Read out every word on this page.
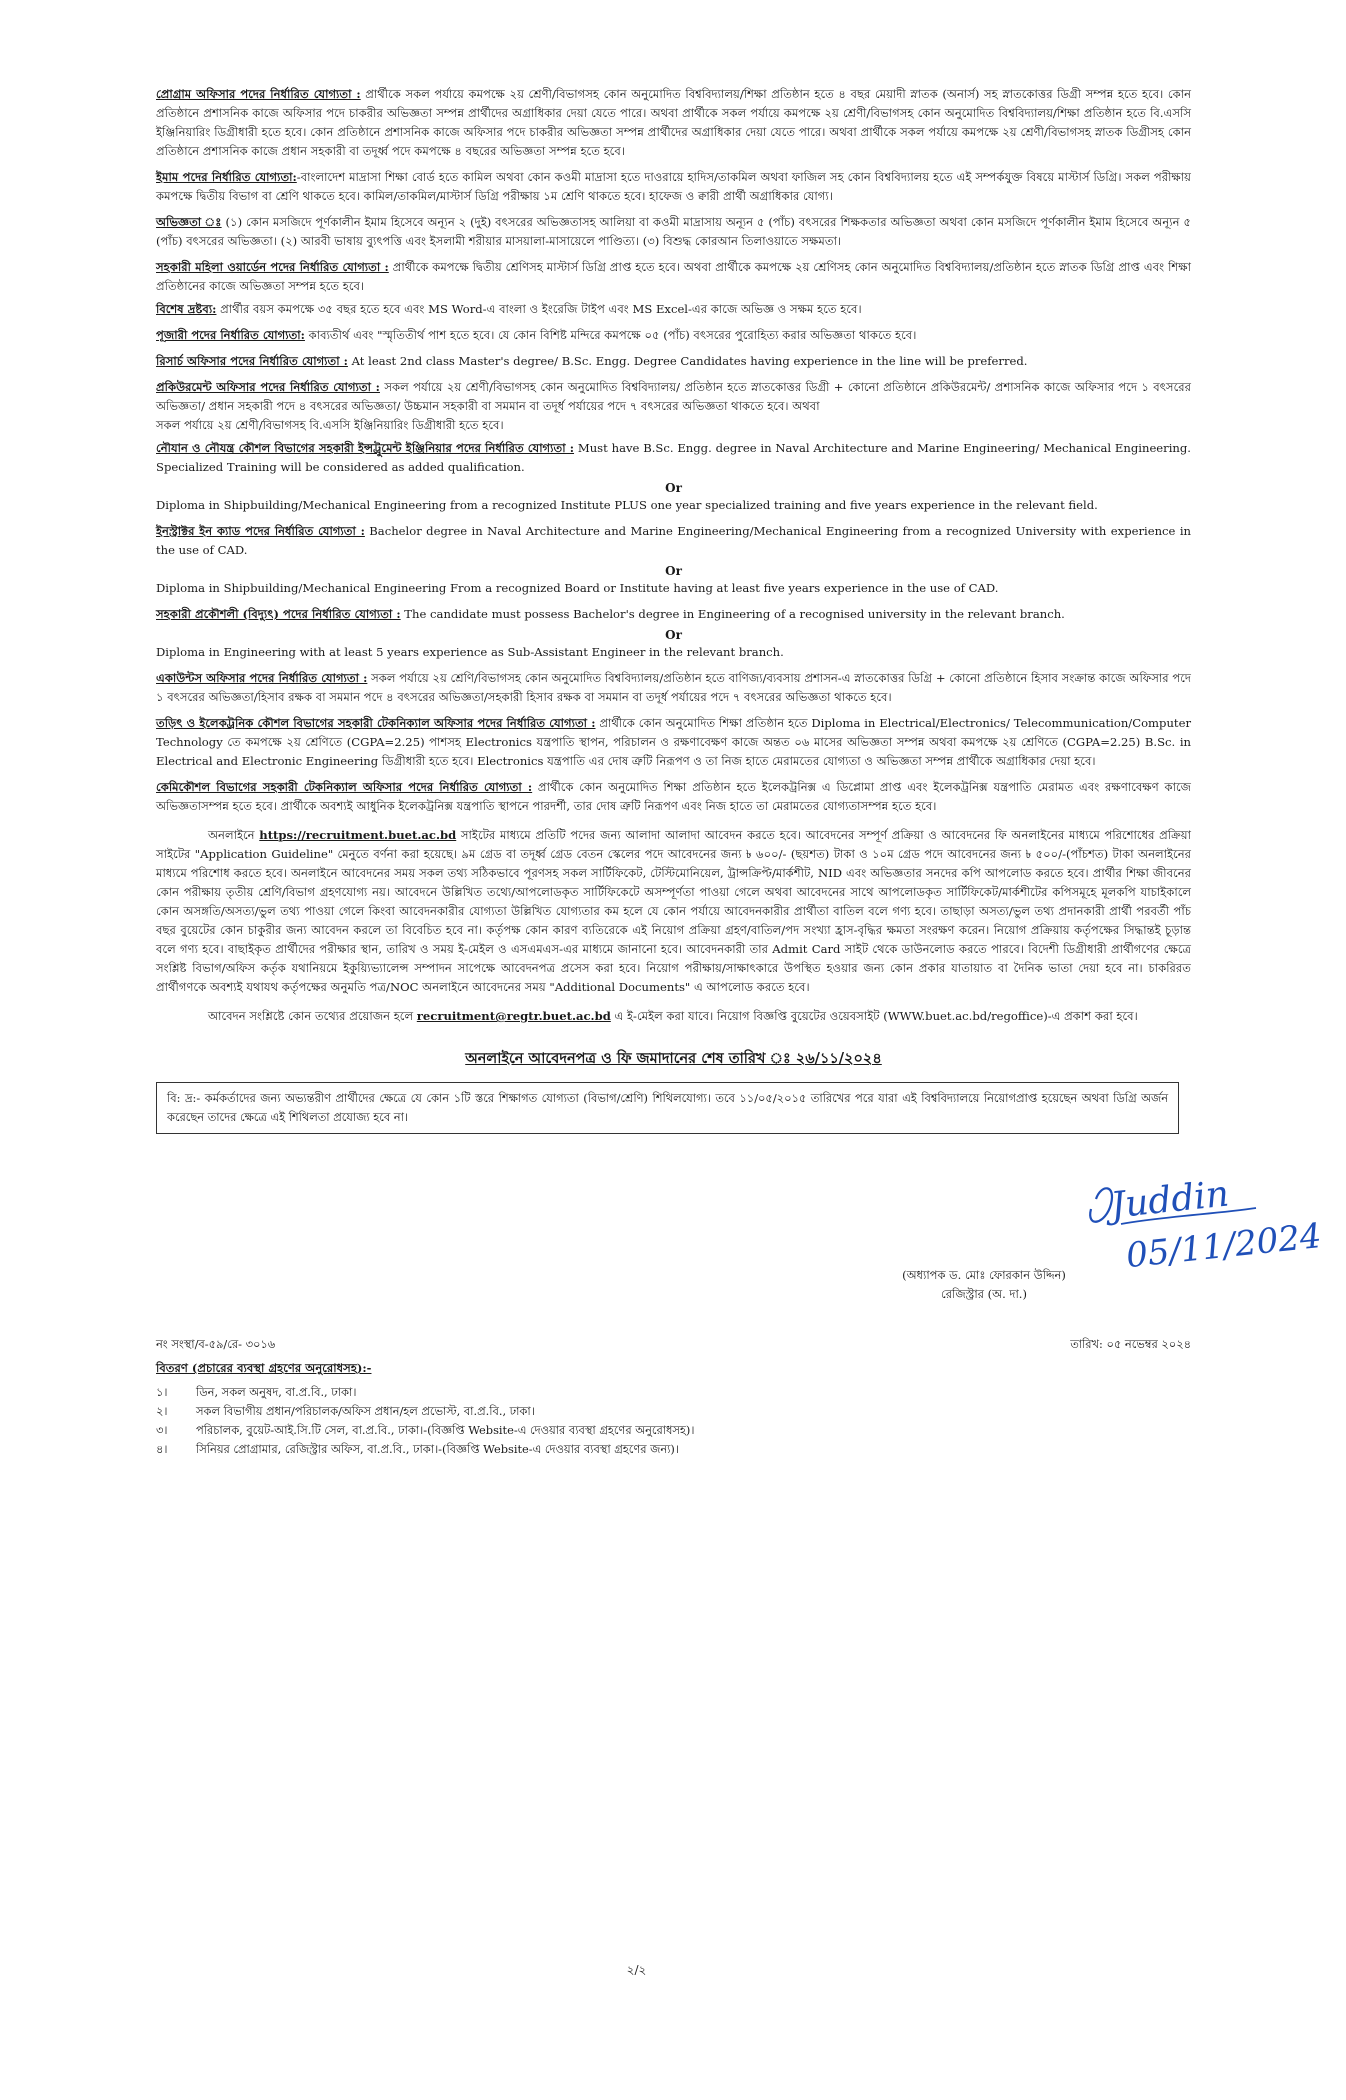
প্রোগ্রাম অফিসার পদের নির্ধারিত যোগ্যতা : প্রার্থীকে সকল পর্যায়ে কমপক্ষে ২য় শ্রেণী/বিভাগসহ কোন অনুমোদিত বিশ্ববিদ্যালয়/শিক্ষা প্রতিষ্ঠান হতে ৪ বছর মেয়াদী স্নাতক (অনার্স) সহ স্নাতকোত্তর ডিগ্রী সম্পন্ন হতে হবে। কোন প্রতিষ্ঠানে প্রশাসনিক কাজে অফিসার পদে চাকরীর অভিজ্ঞতা সম্পন্ন প্রার্থীদের অগ্রাধিকার দেয়া যেতে পারে। অথবা প্রার্থীকে সকল পর্যায়ে কমপক্ষে ২য় শ্রেণী/বিভাগসহ কোন অনুমোদিত বিশ্ববিদ্যালয়/শিক্ষা প্রতিষ্ঠান হতে বি.এসসি ইঞ্জিনিয়ারিং ডিগ্রীধারী হতে হবে। কোন প্রতিষ্ঠানে প্রশাসনিক কাজে অফিসার পদে চাকরীর অভিজ্ঞতা সম্পন্ন প্রার্থীদের অগ্রাধিকার দেয়া যেতে পারে। অথবা প্রার্থীকে সকল পর্যায়ে কমপক্ষে ২য় শ্রেণী/বিভাগসহ স্নাতক ডিগ্রীসহ কোন প্রতিষ্ঠানে প্রশাসনিক কাজে প্রধান সহকারী বা তদূর্ধ্ব পদে কমপক্ষে ৪ বছরের অভিজ্ঞতা সম্পন্ন হতে হবে।

ইমাম পদের নির্ধারিত যোগ্যতা:-বাংলাদেশ মাদ্রাসা শিক্ষা বোর্ড হতে কামিল অথবা কোন কওমী মাদ্রাসা হতে দাওরায়ে হাদিস/তাকমিল অথবা ফাজিল সহ কোন বিশ্ববিদ্যালয় হতে এই সম্পর্কযুক্ত বিষয়ে মাস্টার্স ডিগ্রি। সকল পরীক্ষায় কমপক্ষে দ্বিতীয় বিভাগ বা শ্রেণি থাকতে হবে। কামিল/তাকমিল/মাস্টার্স ডিগ্রি পরীক্ষায় ১ম শ্রেণি থাকতে হবে। হাফেজ ও ক্বারী প্রার্থী অগ্রাধিকার যোগ্য।

অভিজ্ঞতা ঃ (১) কোন মসজিদে পূর্ণকালীন ইমাম হিসেবে অন্যূন ২ (দুই) বৎসরের অভিজ্ঞতাসহ আলিয়া বা কওমী মাদ্রাসায় অন্যূন ৫ (পাঁচ) বৎসরের শিক্ষকতার অভিজ্ঞতা অথবা কোন মসজিদে পূর্ণকালীন ইমাম হিসেবে অন্যূন ৫ (পাঁচ) বৎসরের অভিজ্ঞতা। (২) আরবী ভাষায় ব্যুৎপত্তি এবং ইসলামী শরীয়ার মাসয়ালা-মাসায়েলে পাণ্ডিত্য। (৩) বিশুদ্ধ কোরআন তিলাওয়াতে সক্ষমতা।

সহকারী মহিলা ওয়ার্ডেন পদের নির্ধারিত যোগ্যতা : প্রার্থীকে কমপক্ষে দ্বিতীয় শ্রেণিসহ মাস্টার্স ডিগ্রি প্রাপ্ত হতে হবে। অথবা প্রার্থীকে কমপক্ষে ২য় শ্রেণিসহ কোন অনুমোদিত বিশ্ববিদ্যালয়/প্রতিষ্ঠান হতে স্নাতক ডিগ্রি প্রাপ্ত এবং শিক্ষা প্রতিষ্ঠানের কাজে অভিজ্ঞতা সম্পন্ন হতে হবে।

বিশেষ দ্রষ্টব্য: প্রার্থীর বয়স কমপক্ষে ৩৫ বছর হতে হবে এবং MS Word-এ বাংলা ও ইংরেজি টাইপ এবং MS Excel-এর কাজে অভিজ্ঞ ও সক্ষম হতে হবে।

পূজারী পদের নির্ধারিত যোগ্যতা: কাব্যতীর্থ এবং "স্মৃতিতীর্থ পাশ হতে হবে। যে কোন বিশিষ্ট মন্দিরে কমপক্ষে ০৫ (পাঁচ) বৎসরের পুরোহিত্য করার অভিজ্ঞতা থাকতে হবে।

রিসার্চ অফিসার পদের নির্ধারিত যোগ্যতা : At least 2nd class Master's degree/ B.Sc. Engg. Degree Candidates having experience in the line will be preferred.

প্রকিউরমেন্ট অফিসার পদের নির্ধারিত যোগ্যতা : সকল পর্যায়ে ২য় শ্রেণী/বিভাগসহ কোন অনুমোদিত বিশ্ববিদ্যালয়/ প্রতিষ্ঠান হতে স্নাতকোত্তর ডিগ্রী + কোনো প্রতিষ্ঠানে প্রকিউরমেন্ট/ প্রশাসনিক কাজে অফিসার পদে ১ বৎসরের অভিজ্ঞতা/ প্রধান সহকারী পদে ৪ বৎসরের অভিজ্ঞতা/ উচ্চমান সহকারী বা সমমান বা তদূর্ধ পর্যায়ের পদে ৭ বৎসরের অভিজ্ঞতা থাকতে হবে। অথবা
সকল পর্যায়ে ২য় শ্রেণী/বিভাগসহ বি.এসসি ইঞ্জিনিয়ারিং ডিগ্রীধারী হতে হবে।

নৌযান ও নৌযন্ত্র কৌশল বিভাগের সহকারী ইন্সট্রুমেন্ট ইঞ্জিনিয়ার পদের নির্ধারিত যোগ্যতা : Must have B.Sc. Engg. degree in Naval Architecture and Marine Engineering/ Mechanical Engineering. Specialized Training will be considered as added qualification.

Or

Diploma in Shipbuilding/Mechanical Engineering from a recognized Institute PLUS one year specialized training and five years experience in the relevant field.

ইনস্ট্রাক্টর ইন ক্যাড পদের নির্ধারিত যোগ্যতা : Bachelor degree in Naval Architecture and Marine Engineering/Mechanical Engineering from a recognized University with experience in the use of CAD.

Or

Diploma in Shipbuilding/Mechanical Engineering From a recognized Board or Institute having at least five years experience in the use of CAD.

সহকারী প্রকৌশলী (বিদ্যুৎ) পদের নির্ধারিত যোগ্যতা : The candidate must possess Bachelor's degree in Engineering of a recognised university in the relevant branch.

Or

Diploma in Engineering with at least 5 years experience as Sub-Assistant Engineer in the relevant branch.

একাউন্টস অফিসার পদের নির্ধারিত যোগ্যতা : সকল পর্যায়ে ২য় শ্রেণি/বিভাগসহ কোন অনুমোদিত বিশ্ববিদ্যালয়/প্রতিষ্ঠান হতে বাণিজ্য/ব্যবসায় প্রশাসন-এ স্নাতকোত্তর ডিগ্রি + কোনো প্রতিষ্ঠানে হিসাব সংক্রান্ত কাজে অফিসার পদে ১ বৎসরের অভিজ্ঞতা/হিসাব রক্ষক বা সমমান পদে ৪ বৎসরের অভিজ্ঞতা/সহকারী হিসাব রক্ষক বা সমমান বা তদূর্ধ পর্যায়ের পদে ৭ বৎসরের অভিজ্ঞতা থাকতে হবে।

তড়িৎ ও ইলেকট্রনিক কৌশল বিভাগের সহকারী টেকনিক্যাল অফিসার পদের নির্ধারিত যোগ্যতা : প্রার্থীকে কোন অনুমোদিত শিক্ষা প্রতিষ্ঠান হতে Diploma in Electrical/Electronics/ Telecommunication/Computer Technology তে কমপক্ষে ২য় শ্রেণিতে (CGPA=2.25) পাশসহ Electronics যন্ত্রপাতি স্থাপন, পরিচালন ও রক্ষণাবেক্ষণ কাজে অন্তত ০৬ মাসের অভিজ্ঞতা সম্পন্ন অথবা কমপক্ষে ২য় শ্রেণিতে (CGPA=2.25) B.Sc. in Electrical and Electronic Engineering ডিগ্রীধারী হতে হবে। Electronics যন্ত্রপাতি এর দোষ ত্রুটি নিরূপণ ও তা নিজ হাতে মেরামতের যোগ্যতা ও অভিজ্ঞতা সম্পন্ন প্রার্থীকে অগ্রাধিকার দেয়া হবে।

কেমিকৌশল বিভাগের সহকারী টেকনিক্যাল অফিসার পদের নির্ধারিত যোগ্যতা : প্রার্থীকে কোন অনুমোদিত শিক্ষা প্রতিষ্ঠান হতে ইলেকট্রনিক্স এ ডিপ্লোমা প্রাপ্ত এবং ইলেকট্রনিক্স যন্ত্রপাতি মেরামত এবং রক্ষণাবেক্ষণ কাজে অভিজ্ঞতাসম্পন্ন হতে হবে। প্রার্থীকে অবশ্যই আধুনিক ইলেকট্রনিক্স যন্ত্রপাতি স্থাপনে পারদর্শী, তার দোষ ত্রুটি নিরূপণ এবং নিজ হাতে তা মেরামতের যোগ্যতাসম্পন্ন হতে হবে।

অনলাইনে https://recruitment.buet.ac.bd সাইটের মাধ্যমে প্রতিটি পদের জন্য আলাদা আলাদা আবেদন করতে হবে। আবেদনের সম্পূর্ণ প্রক্রিয়া ও আবেদনের ফি অনলাইনের মাধ্যমে পরিশোধের প্রক্রিয়া সাইটের "Application Guideline" মেনুতে বর্ণনা করা হয়েছে। ৯ম গ্রেড বা তদূর্ধ্ব গ্রেড বেতন স্কেলের পদে আবেদনের জন্য ৳ ৬০০/- (ছয়শত) টাকা ও ১০ম গ্রেড পদে আবেদনের জন্য ৳ ৫০০/-(পাঁচশত) টাকা অনলাইনের মাধ্যমে পরিশোধ করতে হবে। অনলাইনে আবেদনের সময় সকল তথ্য সঠিকভাবে পূরণসহ সকল সার্টিফিকেট, টেস্টিমোনিয়েল, ট্রান্সক্রিপ্ট/মার্কশীট, NID এবং অভিজ্ঞতার সনদের কপি আপলোড করতে হবে। প্রার্থীর শিক্ষা জীবনের কোন পরীক্ষায় তৃতীয় শ্রেণি/বিভাগ গ্রহণযোগ্য নয়। আবেদনে উল্লিখিত তথ্যে/আপলোডকৃত সার্টিফিকেটে অসম্পূর্ণতা পাওয়া গেলে অথবা আবেদনের সাথে আপলোডকৃত সার্টিফিকেট/মার্কশীটের কপিসমূহে মূলকপি যাচাইকালে কোন অসঙ্গতি/অসত্য/ভুল তথ্য পাওয়া গেলে কিংবা আবেদনকারীর যোগ্যতা উল্লিখিত যোগ্যতার কম হলে যে কোন পর্যায়ে আবেদনকারীর প্রার্থীতা বাতিল বলে গণ্য হবে। তাছাড়া অসত্য/ভুল তথ্য প্রদানকারী প্রার্থী পরবর্তী পাঁচ বছর বুয়েটের কোন চাকুরীর জন্য আবেদন করলে তা বিবেচিত হবে না। কর্তৃপক্ষ কোন কারণ ব্যতিরেকে এই নিয়োগ প্রক্রিয়া গ্রহণ/বাতিল/পদ সংখ্যা হ্রাস-বৃদ্ধির ক্ষমতা সংরক্ষণ করেন। নিয়োগ প্রক্রিয়ায় কর্তৃপক্ষের সিদ্ধান্তই চূড়ান্ত বলে গণ্য হবে। বাছাইকৃত প্রার্থীদের পরীক্ষার স্থান, তারিখ ও সময় ই-মেইল ও এসএমএস-এর মাধ্যমে জানানো হবে। আবেদনকারী তার Admit Card সাইট থেকে ডাউনলোড করতে পারবে। বিদেশী ডিগ্রীধারী প্রার্থীগণের ক্ষেত্রে সংশ্লিষ্ট বিভাগ/অফিস কর্তৃক যথানিয়মে ইকুয়্যিভ্যালেন্স সম্পাদন সাপেক্ষে আবেদনপত্র প্রসেস করা হবে। নিয়োগ পরীক্ষায়/সাক্ষাৎকারে উপস্থিত হওয়ার জন্য কোন প্রকার যাতায়াত বা দৈনিক ভাতা দেয়া হবে না। চাকরিরত প্রার্থীগণকে অবশ্যই যথাযথ কর্তৃপক্ষের অনুমতি পত্র/NOC অনলাইনে আবেদনের সময় "Additional Documents" এ আপলোড করতে হবে।

আবেদন সংশ্লিষ্টে কোন তথ্যের প্রয়োজন হলে recruitment@regtr.buet.ac.bd এ ই-মেইল করা যাবে। নিয়োগ বিজ্ঞপ্তি বুয়েটের ওয়েবসাইট (WWW.buet.ac.bd/regoffice)-এ প্রকাশ করা হবে।

অনলাইনে আবেদনপত্র ও ফি জমাদানের শেষ তারিখ ঃ ২৬/১১/২০২৪
বি: দ্র:- কর্মকর্তাদের জন্য অভ্যন্তরীণ প্রার্থীদের ক্ষেত্রে যে কোন ১টি স্তরে শিক্ষাগত যোগ্যতা (বিভাগ/শ্রেণি) শিথিলযোগ্য। তবে ১১/০৫/২০১৫ তারিখের পরে যারা এই বিশ্ববিদ্যালয়ে নিয়োগপ্রাপ্ত হয়েছেন অথবা ডিগ্রি অর্জন করেছেন তাদের ক্ষেত্রে এই শিথিলতা প্রযোজ্য হবে না।
Juddin
05/11/2024
(অধ্যাপক ড. মোঃ ফোরকান উদ্দিন)
রেজিস্ট্রার (অ. দা.)
নং সংস্থা/ব-৫৯/রে- ৩০১৬	তারিখ: ০৫ নভেম্বর ২০২৪
বিতরণ (প্রচারের ব্যবস্থা গ্রহণের অনুরোধসহ):-
১।	ডিন, সকল অনুষদ, বা.প্র.বি., ঢাকা।
২।	সকল বিভাগীয় প্রধান/পরিচালক/অফিস প্রধান/হল প্রভোস্ট, বা.প্র.বি., ঢাকা।
৩।	পরিচালক, বুয়েট-আই.সি.টি সেল, বা.প্র.বি., ঢাকা।-(বিজ্ঞপ্তি Website-এ দেওয়ার ব্যবস্থা গ্রহণের অনুরোধসহ)।
৪।	সিনিয়র প্রোগ্রামার, রেজিস্ট্রার অফিস, বা.প্র.বি., ঢাকা।-(বিজ্ঞপ্তি Website-এ দেওয়ার ব্যবস্থা গ্রহণের জন্য)।
২/২
